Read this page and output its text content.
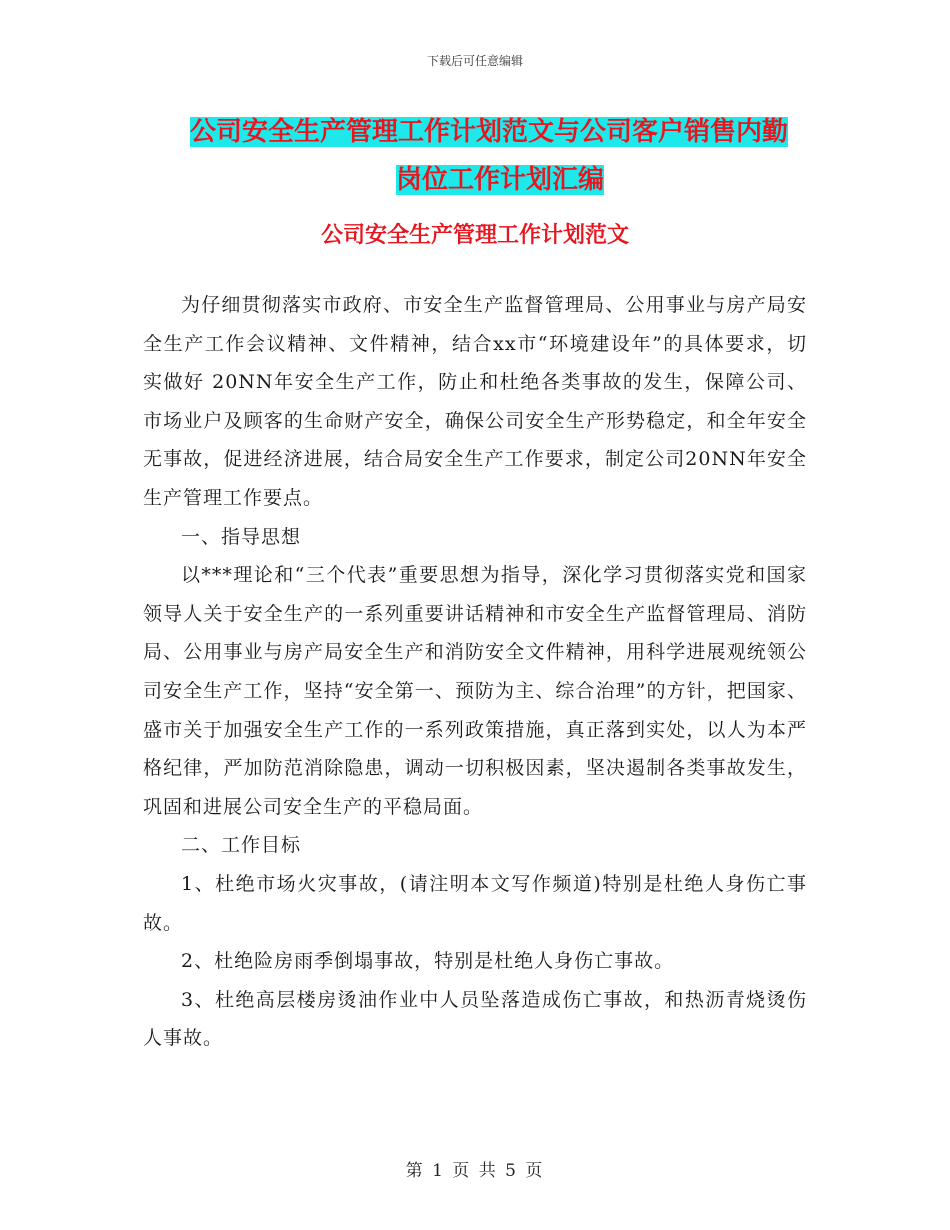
下载后可任意编辑
公司安全生产管理工作计划范文与公司客户销售内勤
岗位工作计划汇编
公司安全生产管理工作计划范文

为仔细贯彻落实市政府、市安全生产监督管理局、公用事业与房产局安全生产工作会议精神、文件精神，结合xx市“环境建设年”的具体要求，切实做好 20NN年安全生产工作，防止和杜绝各类事故的发生，保障公司、市场业户及顾客的生命财产安全，确保公司安全生产形势稳定，和全年安全无事故，促进经济进展，结合局安全生产工作要求，制定公司20NN年安全生产管理工作要点。

一、指导思想

以***理论和“三个代表”重要思想为指导，深化学习贯彻落实党和国家领导人关于安全生产的一系列重要讲话精神和市安全生产监督管理局、消防局、公用事业与房产局安全生产和消防安全文件精神，用科学进展观统领公司安全生产工作，坚持“安全第一、预防为主、综合治理”的方针，把国家、盛市关于加强安全生产工作的一系列政策措施，真正落到实处，以人为本严格纪律，严加防范消除隐患，调动一切积极因素，坚决遏制各类事故发生，巩固和进展公司安全生产的平稳局面。

二、工作目标

1、杜绝市场火灾事故，(请注明本文写作频道)特别是杜绝人身伤亡事故。

2、杜绝险房雨季倒塌事故，特别是杜绝人身伤亡事故。

3、杜绝高层楼房烫油作业中人员坠落造成伤亡事故，和热沥青烧烫伤人事故。

第 1 页 共 5 页
